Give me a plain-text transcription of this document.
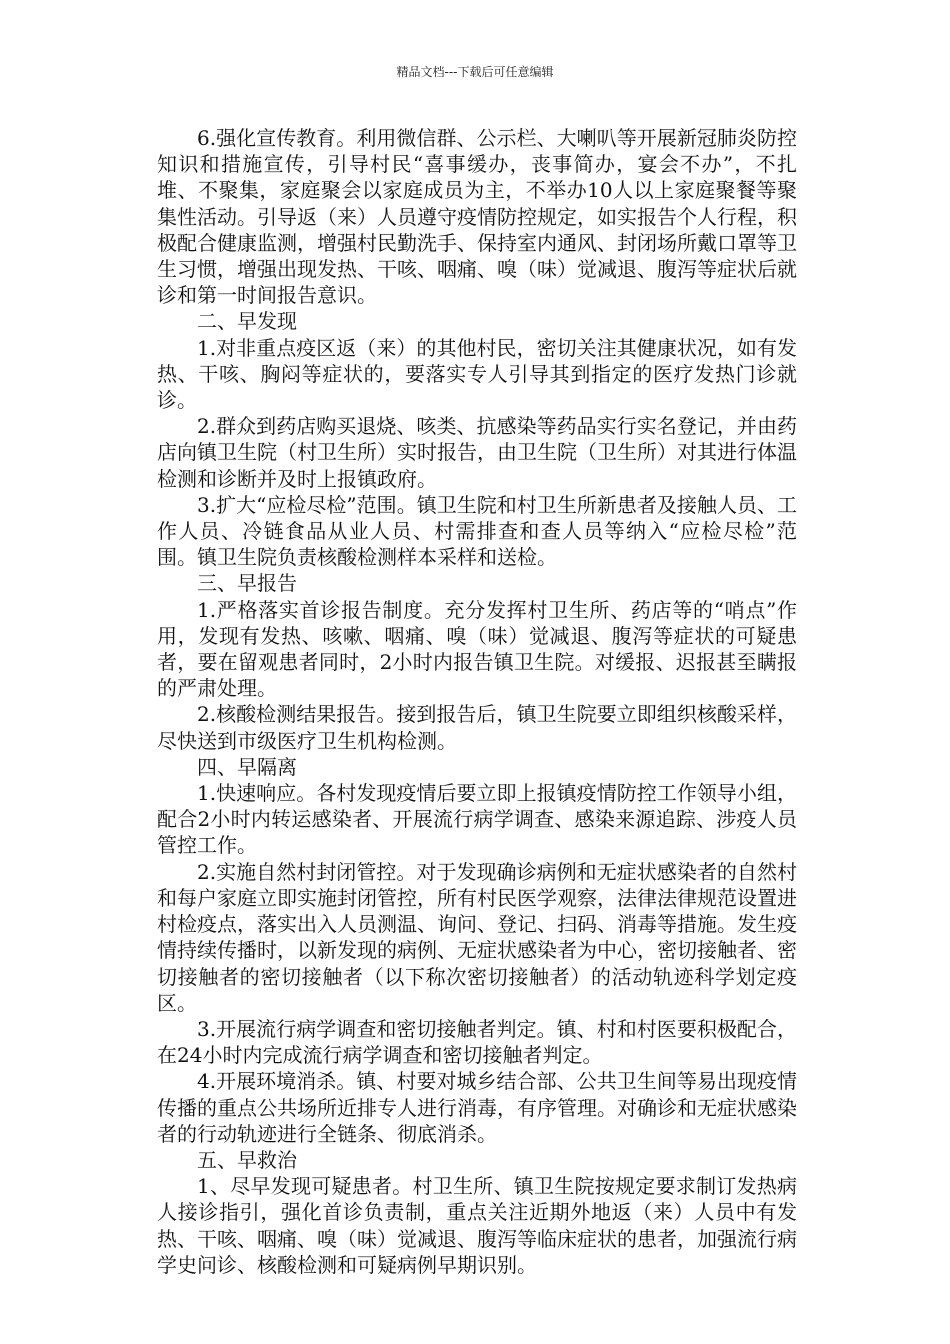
精品文档---下载后可任意编辑

6.强化宣传教育。利用微信群、公示栏、大喇叭等开展新冠肺炎防控知识和措施宣传，引导村民“喜事缓办，丧事简办，宴会不办”，不扎堆、不聚集，家庭聚会以家庭成员为主，不举办10人以上家庭聚餐等聚集性活动。引导返（来）人员遵守疫情防控规定，如实报告个人行程，积极配合健康监测，增强村民勤洗手、保持室内通风、封闭场所戴口罩等卫生习惯，增强出现发热、干咳、咽痛、嗅（味）觉减退、腹泻等症状后就诊和第一时间报告意识。

二、早发现

1.对非重点疫区返（来）的其他村民，密切关注其健康状况，如有发热、干咳、胸闷等症状的，要落实专人引导其到指定的医疗发热门诊就诊。

2.群众到药店购买退烧、咳类、抗感染等药品实行实名登记，并由药店向镇卫生院（村卫生所）实时报告，由卫生院（卫生所）对其进行体温检测和诊断并及时上报镇政府。

3.扩大“应检尽检”范围。镇卫生院和村卫生所新患者及接触人员、工作人员、冷链食品从业人员、村需排查和查人员等纳入“应检尽检”范围。镇卫生院负责核酸检测样本采样和送检。

三、早报告

1.严格落实首诊报告制度。充分发挥村卫生所、药店等的“哨点”作用，发现有发热、咳嗽、咽痛、嗅（味）觉减退、腹泻等症状的可疑患者，要在留观患者同时，2小时内报告镇卫生院。对缓报、迟报甚至瞒报的严肃处理。

2.核酸检测结果报告。接到报告后，镇卫生院要立即组织核酸采样，尽快送到市级医疗卫生机构检测。

四、早隔离

1.快速响应。各村发现疫情后要立即上报镇疫情防控工作领导小组，配合2小时内转运感染者、开展流行病学调查、感染来源追踪、涉疫人员管控工作。

2.实施自然村封闭管控。对于发现确诊病例和无症状感染者的自然村和每户家庭立即实施封闭管控，所有村民医学观察，法律法律规范设置进村检疫点，落实出入人员测温、询问、登记、扫码、消毒等措施。发生疫情持续传播时，以新发现的病例、无症状感染者为中心，密切接触者、密切接触者的密切接触者（以下称次密切接触者）的活动轨迹科学划定疫区。

3.开展流行病学调查和密切接触者判定。镇、村和村医要积极配合，在24小时内完成流行病学调查和密切接触者判定。

4.开展环境消杀。镇、村要对城乡结合部、公共卫生间等易出现疫情传播的重点公共场所近排专人进行消毒，有序管理。对确诊和无症状感染者的行动轨迹进行全链条、彻底消杀。

五、早救治

1、尽早发现可疑患者。村卫生所、镇卫生院按规定要求制订发热病人接诊指引，强化首诊负责制，重点关注近期外地返（来）人员中有发热、干咳、咽痛、嗅（味）觉减退、腹泻等临床症状的患者，加强流行病学史问诊、核酸检测和可疑病例早期识别。
